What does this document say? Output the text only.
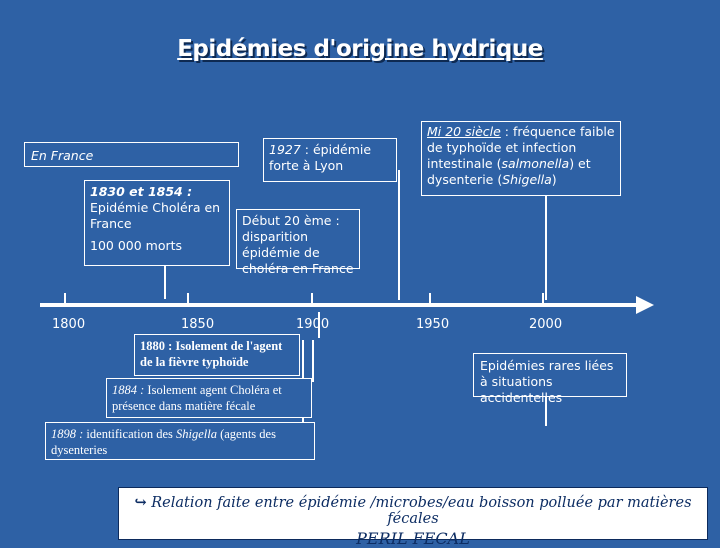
Epidémies d'origine hydrique
En France
1830 et 1854 :
Epidémie Choléra en France
100 000 morts
1927 : épidémie forte à Lyon
Début 20 ème : disparition épidémie de choléra en France
Mi 20 siècle : fréquence faible de typhoïde et infection intestinale (salmonella) et dysenterie (Shigella)
1800	1850	1900	1950	2000
1880 : Isolement de l'agent de la fièvre typhoïde
1884 : Isolement agent Choléra et présence dans matière fécale
1898 : identification des Shigella (agents des dysenteries
Epidémies rares liées à situations accidentelles
↪ Relation faite entre épidémie /microbes/eau boisson polluée par matières fécales
PERIL FECAL
